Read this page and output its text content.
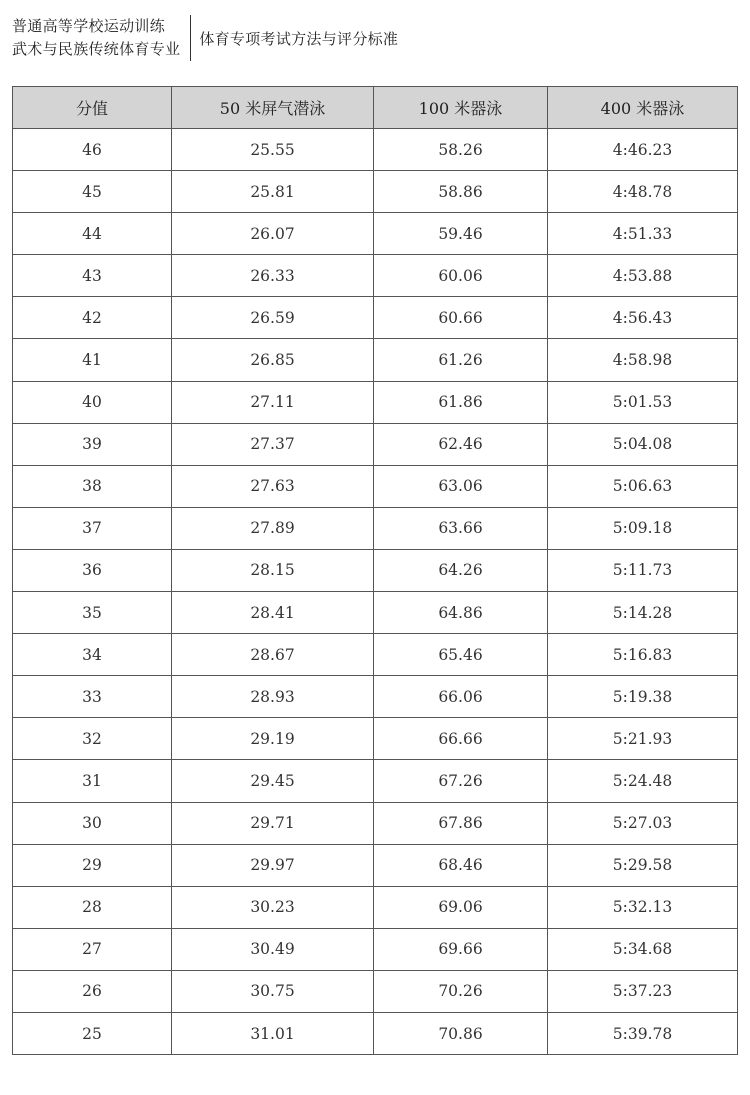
普通高等学校运动训练
武术与民族传统体育专业
体育专项考试方法与评分标准
分值	50 米屏气潜泳	100 米器泳	400 米器泳
46	25.55	58.26	4:46.23
45	25.81	58.86	4:48.78
44	26.07	59.46	4:51.33
43	26.33	60.06	4:53.88
42	26.59	60.66	4:56.43
41	26.85	61.26	4:58.98
40	27.11	61.86	5:01.53
39	27.37	62.46	5:04.08
38	27.63	63.06	5:06.63
37	27.89	63.66	5:09.18
36	28.15	64.26	5:11.73
35	28.41	64.86	5:14.28
34	28.67	65.46	5:16.83
33	28.93	66.06	5:19.38
32	29.19	66.66	5:21.93
31	29.45	67.26	5:24.48
30	29.71	67.86	5:27.03
29	29.97	68.46	5:29.58
28	30.23	69.06	5:32.13
27	30.49	69.66	5:34.68
26	30.75	70.26	5:37.23
25	31.01	70.86	5:39.78
